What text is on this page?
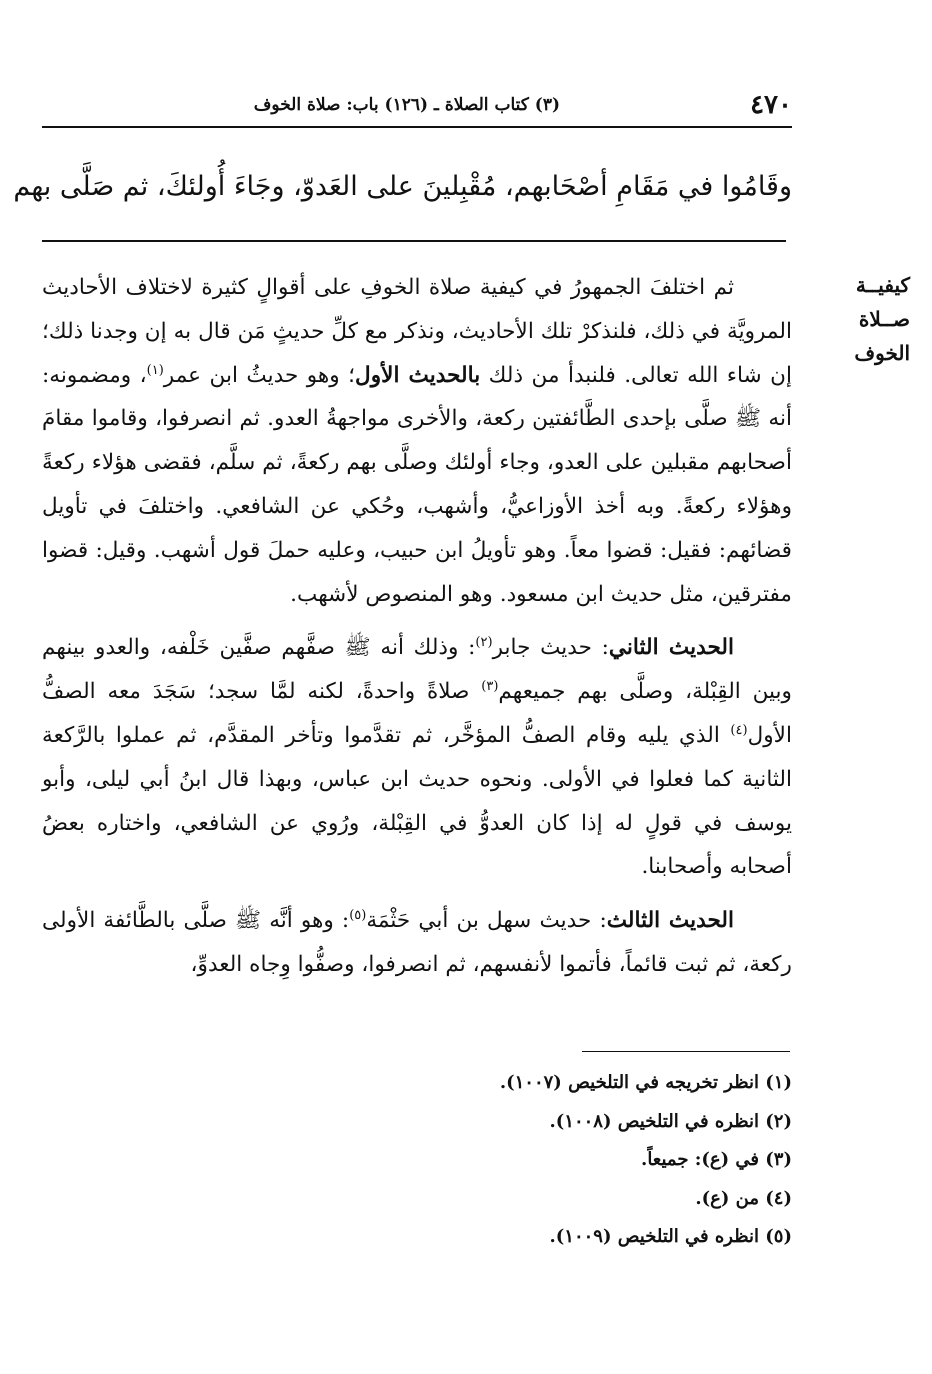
٤٧٠
(٣) كتاب الصلاة ـ (١٢٦) باب: صلاة الخوف
وقَامُوا في مَقَامِ أصْحَابهم، مُقْبِلينَ على العَدوّ، وجَاءَ أُولئكَ، ثم صَلَّى بهم
كيفيــة صــلاة الخوف

ثم اختلفَ الجمهورُ في كيفية صلاة الخوفِ على أقوالٍ كثيرة لاختلاف الأحاديث المرويَّة في ذلك، فلنذكرْ تلك الأحاديث، ونذكر مع كلِّ حديثٍ مَن قال به إن وجدنا ذلك؛ إن شاء الله تعالى. فلنبدأ من ذلك بالحديث الأول؛ وهو حديثُ ابن عمر$^{(١)}$، ومضمونه: أنه ﷺ صلَّى بإحدى الطَّائفتين ركعة، والأخرى مواجهةُ العدو. ثم انصرفوا، وقاموا مقامَ أصحابهم مقبلين على العدو، وجاء أولئك وصلَّى بهم ركعةً، ثم سلَّم، فقضى هؤلاء ركعةً وهؤلاء ركعةً. وبه أخذ الأوزاعيُّ، وأشهب، وحُكي عن الشافعي. واختلفَ في تأويل قضائهم: فقيل: قضوا معاً. وهو تأويلُ ابن حبيب، وعليه حملَ قول أشهب. وقيل: قضوا مفترقين، مثل حديث ابن مسعود. وهو المنصوص لأشهب.

الحديث الثاني: حديث جابر$^{(٢)}$: وذلك أنه ﷺ صفَّهم صفَّين خَلْفه، والعدو بينهم وبين القِبْلة، وصلَّى بهم جميعهم$^{(٣)}$ صلاةً واحدةً، لكنه لمَّا سجد؛ سَجَدَ معه الصفُّ الأول$^{(٤)}$ الذي يليه وقام الصفُّ المؤخَّر، ثم تقدَّموا وتأخر المقدَّم، ثم عملوا بالرَّكعة الثانية كما فعلوا في الأولى. ونحوه حديث ابن عباس، وبهذا قال ابنُ أبي ليلى، وأبو يوسف في قولٍ له إذا كان العدوُّ في القِبْلة، ورُوي عن الشافعي، واختاره بعضُ أصحابه وأصحابنا.

الحديث الثالث: حديث سهل بن أبي حَثْمَة$^{(٥)}$: وهو أنَّه ﷺ صلَّى بالطَّائفة الأولى ركعة، ثم ثبت قائماً، فأتموا لأنفسهم، ثم انصرفوا، وصفُّوا وِجاه العدوِّ،

(١) انظر تخريجه في التلخيص (١٠٠٧).
(٢) انظره في التلخيص (١٠٠٨).
(٣) في (ع): جميعاً.
(٤) من (ع).
(٥) انظره في التلخيص (١٠٠٩).
